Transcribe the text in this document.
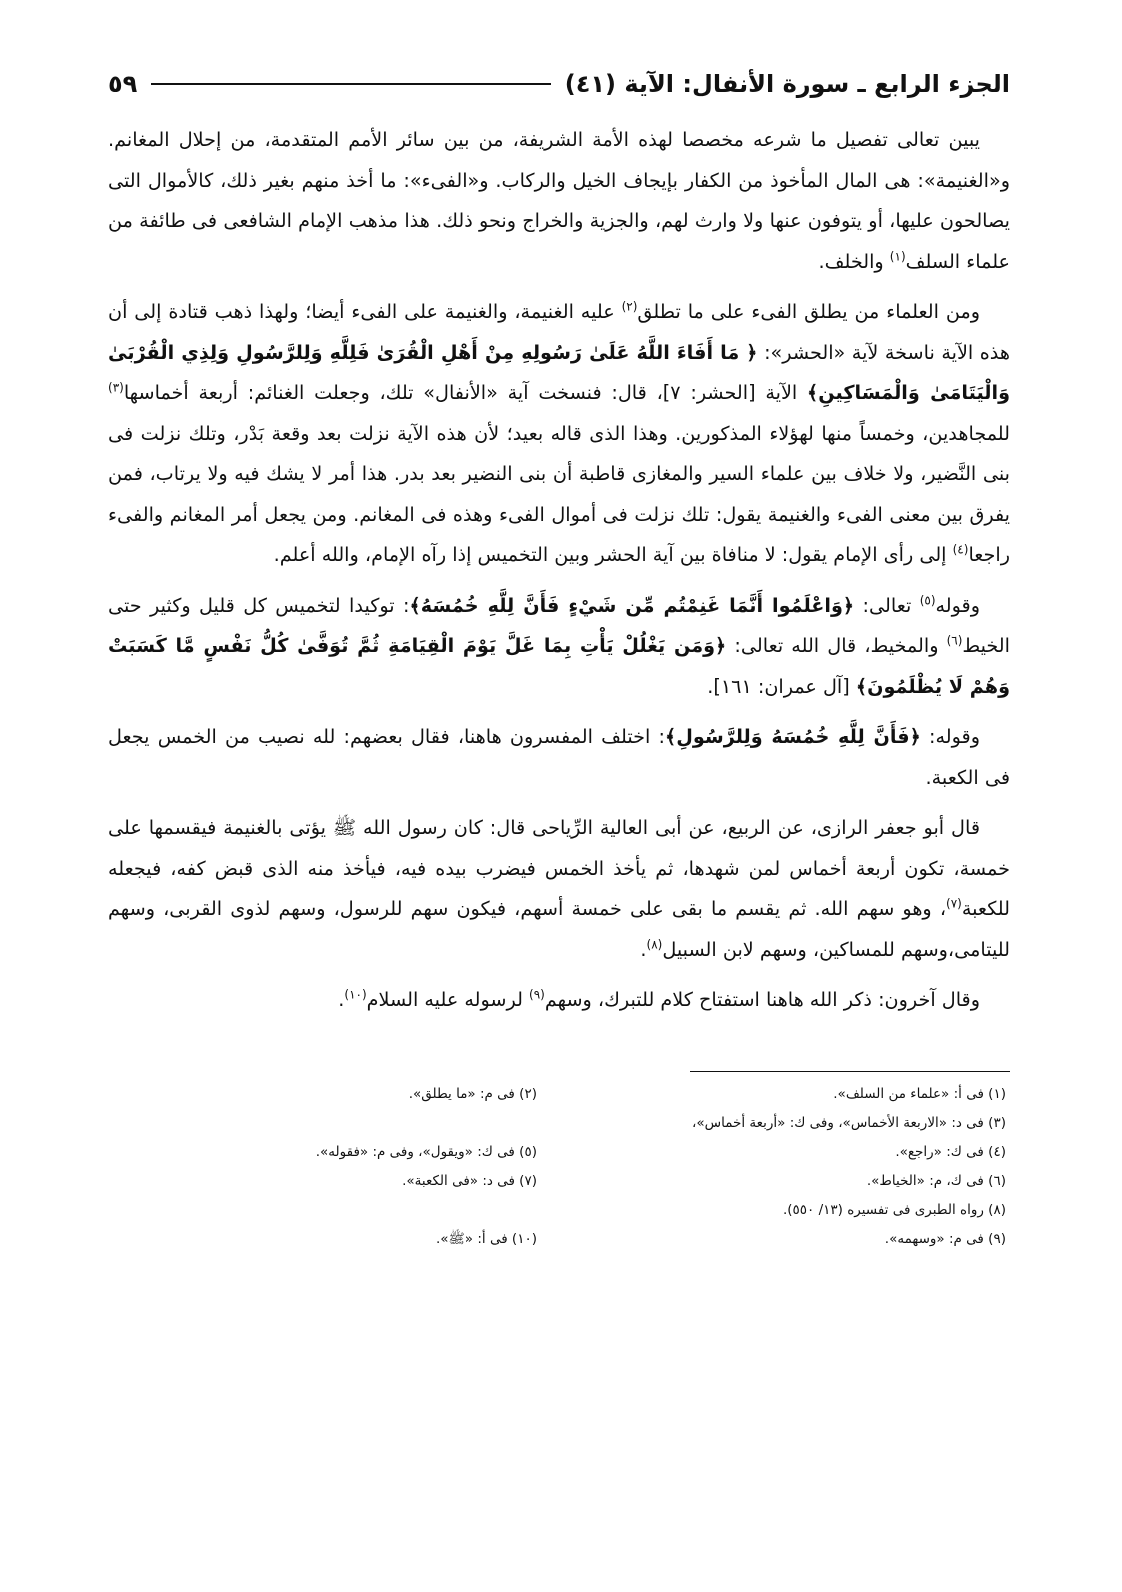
الجزء الرابع ـ سورة الأنفال: الآية (٤١)
٥٩

يبين تعالى تفصيل ما شرعه مخصصا لهذه الأمة الشريفة، من بين سائر الأمم المتقدمة، من إحلال المغانم. و«الغنيمة»: هى المال المأخوذ من الكفار بإيجاف الخيل والركاب. و«الفىء»: ما أخذ منهم بغير ذلك، كالأموال التى يصالحون عليها، أو يتوفون عنها ولا وارث لهم، والجزية والخراج ونحو ذلك. هذا مذهب الإمام الشافعى فى طائفة من علماء السلف$^{(١)}$ والخلف.

ومن العلماء من يطلق الفىء على ما تطلق$^{(٢)}$ عليه الغنيمة، والغنيمة على الفىء أيضا؛ ولهذا ذهب قتادة إلى أن هذه الآية ناسخة لآية «الحشر»: ﴿ مَا أَفَاءَ اللَّهُ عَلَىٰ رَسُولِهِ مِنْ أَهْلِ الْقُرَىٰ فَلِلَّهِ وَلِلرَّسُولِ وَلِذِي الْقُرْبَىٰ وَالْيَتَامَىٰ وَالْمَسَاكِينِ﴾ الآية [الحشر: ٧]، قال: فنسخت آية «الأنفال» تلك، وجعلت الغنائم: أربعة أخماسها$^{(٣)}$ للمجاهدين، وخمساً منها لهؤلاء المذكورين. وهذا الذى قاله بعيد؛ لأن هذه الآية نزلت بعد وقعة بَدْر، وتلك نزلت فى بنى النَّضير، ولا خلاف بين علماء السير والمغازى قاطبة أن بنى النضير بعد بدر. هذا أمر لا يشك فيه ولا يرتاب، فمن يفرق بين معنى الفىء والغنيمة يقول: تلك نزلت فى أموال الفىء وهذه فى المغانم. ومن يجعل أمر المغانم والفىء راجعا$^{(٤)}$ إلى رأى الإمام يقول: لا منافاة بين آية الحشر وبين التخميس إذا رآه الإمام، والله أعلم.

وقوله$^{(٥)}$ تعالى: ﴿وَاعْلَمُوا أَنَّمَا غَنِمْتُم مِّن شَيْءٍ فَأَنَّ لِلَّهِ خُمُسَهُ﴾: توكيدا لتخميس كل قليل وكثير حتى الخيط$^{(٦)}$ والمخيط، قال الله تعالى: ﴿وَمَن يَغْلُلْ يَأْتِ بِمَا غَلَّ يَوْمَ الْقِيَامَةِ ثُمَّ تُوَفَّىٰ كُلُّ نَفْسٍ مَّا كَسَبَتْ وَهُمْ لَا يُظْلَمُونَ﴾ [آل عمران: ١٦١].

وقوله: ﴿فَأَنَّ لِلَّهِ خُمُسَهُ وَلِلرَّسُولِ﴾: اختلف المفسرون هاهنا، فقال بعضهم: لله نصيب من الخمس يجعل فى الكعبة.

قال أبو جعفر الرازى، عن الربيع، عن أبى العالية الرِّياحى قال: كان رسول الله ﷺ يؤتى بالغنيمة فيقسمها على خمسة، تكون أربعة أخماس لمن شهدها، ثم يأخذ الخمس فيضرب بيده فيه، فيأخذ منه الذى قبض كفه، فيجعله للكعبة$^{(٧)}$، وهو سهم الله. ثم يقسم ما بقى على خمسة أسهم، فيكون سهم للرسول، وسهم لذوى القربى، وسهم لليتامى،وسهم للمساكين، وسهم لابن السبيل$^{(٨)}$.

وقال آخرون: ذكر الله هاهنا استفتاح كلام للتبرك، وسهم$^{(٩)}$ لرسوله عليه السلام$^{(١٠)}$.

(١) فى أ: «علماء من السلف».
(٢) فى م: «ما يطلق».
(٣) فى د: «الاربعة الأخماس»، وفى ك: «أربعة أخماس»،
(٤) فى ك: «راجع».
(٥) فى ك: «ويقول»، وفى م: «فقوله».
(٦) فى ك، م: «الخياط».
(٧) فى د: «فى الكعبة».
(٨) رواه الطبرى فى تفسيره (١٣/ ٥٥٠).
(٩) فى م: «وسهمه».
(١٠) فى أ: «ﷺ».
